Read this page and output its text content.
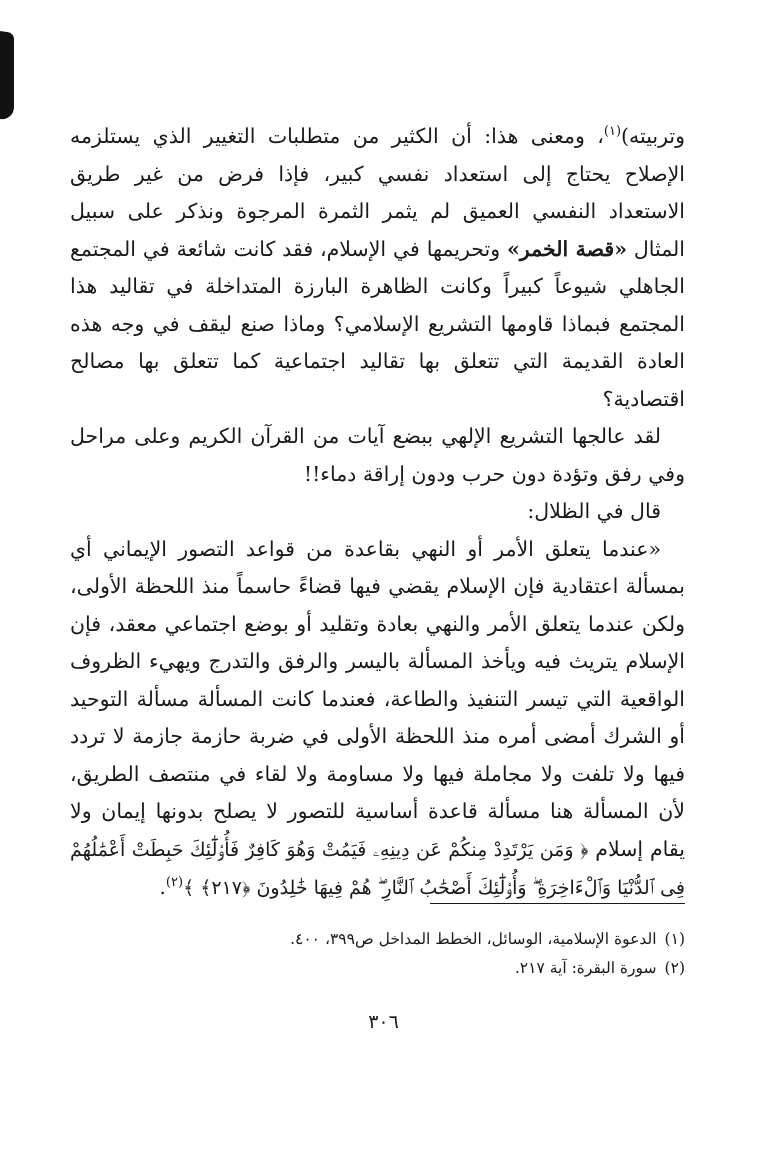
وتربيته)$^{(١)}$، ومعنى هذا: أن الكثير من متطلبات التغيير الذي يستلزمه الإصلاح يحتاج إلى استعداد نفسي كبير، فإذا فرض من غير طريق الاستعداد النفسي العميق لم يثمر الثمرة المرجوة ونذكر على سبيل المثال «قصة الخمر» وتحريمها في الإسلام، فقد كانت شائعة في المجتمع الجاهلي شيوعاً كبيراً وكانت الظاهرة البارزة المتداخلة في تقاليد هذا المجتمع فبماذا قاومها التشريع الإسلامي؟ وماذا صنع ليقف في وجه هذه العادة القديمة التي تتعلق بها تقاليد اجتماعية كما تتعلق بها مصالح اقتصادية؟

لقد عالجها التشريع الإلهي ببضع آيات من القرآن الكريم وعلى مراحل وفي رفق وتؤدة دون حرب ودون إراقة دماء!!

قال في الظلال:

«عندما يتعلق الأمر أو النهي بقاعدة من قواعد التصور الإيماني أي بمسألة اعتقادية فإن الإسلام يقضي فيها قضاءً حاسماً منذ اللحظة الأولى، ولكن عندما يتعلق الأمر والنهي بعادة وتقليد أو بوضع اجتماعي معقد، فإن الإسلام يتريث فيه ويأخذ المسألة باليسر والرفق والتدرج ويهيء الظروف الواقعية التي تيسر التنفيذ والطاعة، فعندما كانت المسألة مسألة التوحيد أو الشرك أمضى أمره منذ اللحظة الأولى في ضربة حازمة جازمة لا تردد فيها ولا تلفت ولا مجاملة فيها ولا مساومة ولا لقاء في منتصف الطريق، لأن المسألة هنا مسألة قاعدة أساسية للتصور لا يصلح بدونها إيمان ولا يقام إسلام ﴿ وَمَن يَرْتَدِدْ مِنكُمْ عَن دِينِهِۦ فَيَمُتْ وَهُوَ كَافِرٌ فَأُو۟لَٰٓئِكَ حَبِطَتْ أَعْمَٰلُهُمْ فِى ٱلدُّنْيَا وَٱلْءَاخِرَةِ ۖ وَأُو۟لَٰٓئِكَ أَصْحَٰبُ ٱلنَّارِ ۖ هُمْ فِيهَا خَٰلِدُونَ ﴿٢١٧﴾ ﴾$^{(٢)}$.

(١)الدعوة الإسلامية، الوسائل، الخطط المداخل ص٣٩٩، ٤٠٠.

(٢)سورة البقرة: آية ٢١٧.

٣٠٦
